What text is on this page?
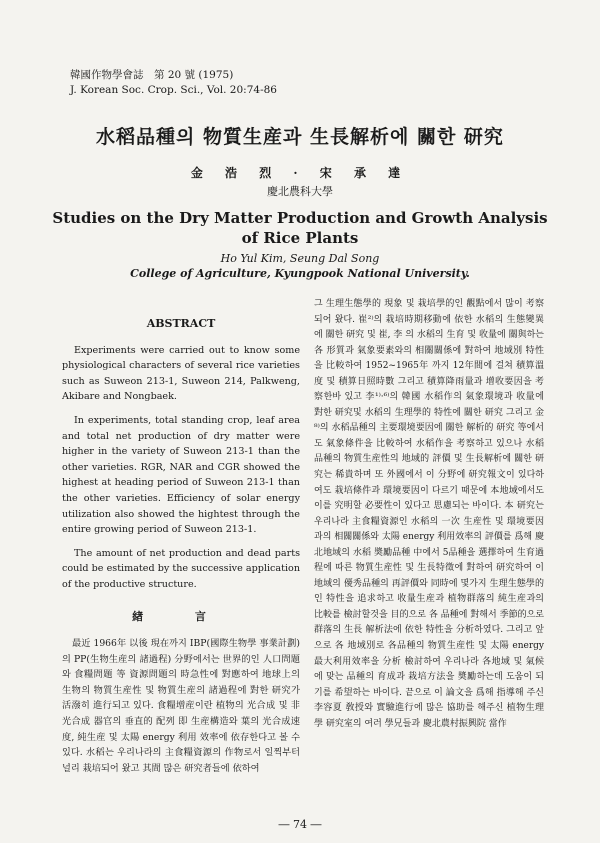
韓國作物學會誌　第 20 號 (1975)
J. Korean Soc. Crop. Sci., Vol. 20:74-86
水稻品種의 物質生産과 生長解析에 關한 研究
金 浩 烈 · 宋 承 達
慶北農科大學
Studies on the Dry Matter Production and Growth Analysis
of Rice Plants
Ho Yul Kim, Seung Dal Song
College of Agriculture, Kyungpook National University.
ABSTRACT

Experiments were carried out to know some physiological characters of several rice varieties such as Suweon 213-1, Suweon 214, Palkweng, Akibare and Nongbaek.

In experiments, total standing crop, leaf area and total net production of dry matter were higher in the variety of Suweon 213-1 than the other varieties. RGR, NAR and CGR showed the highest at heading period of Suweon 213-1 than the other varieties. Efficiency of solar energy utilization also showed the hightest through the entire growing period of Suweon 213-1.

The amount of net production and dead parts could be estimated by the successive application of the productive structure.

緖 言

最近 1966年 以後 現在까지 IBP(國際生物學 事業計劃)의 PP(生物生産의 諸過程) 分野에서는 世界的인 人口問題와 食糧問題 等 資源問題의 時急性에 對應하여 地球上의 生物의 物質生産性 및 物質生産의 諸過程에 對한 研究가 活潑히 進行되고 있다. 食糧增産이란 植物의 光合成 및 非光合成 器官의 垂直的 配列 即 生産構造와 葉의 光合成速度, 純生産 및 太陽 energy 利用 效率에 依存한다고 볼 수 있다. 水稻는 우리나라의 主食糧資源의 作物로서 일찍부터 널리 栽培되어 왔고 其間 많은 研究者들에 依하여

그 生理生態學的 現象 및 栽培學的인 觀點에서 많이 考察되어 왔다. 崔²⁾의 栽培時期移動에 依한 水稻의 生態變異에 關한 研究 및 崔, 李 의 水稻의 生育 및 收量에 關與하는 各 形質과 氣象要素와의 相關關係에 對하여 地域別 特性을 比較하여 1952~1965年 까지 12年間에 걸쳐 積算溫度 및 積算日照時數 그리고 積算降雨量과 增收要因을 考察한바 있고 李¹⁾·⁶⁾의 韓國 水稻作의 氣象環境과 收量에 對한 研究및 水稻의 生理學的 特性에 關한 研究 그리고 金⁸⁾의 水稻品種의 主要環境要因에 關한 解析的 研究 等에서도 氣象條件을 比較하여 水稻作을 考察하고 있으나 水稻品種의 物質生産性의 地域的 評價 및 生長解析에 關한 研究는 稀貴하며 또 外國에서 이 分野에 研究報文이 있다하여도 栽培條件과 環境要因이 다르기 때문에 本地域에서도 이를 究明할 必要性이 있다고 思慮되는 바이다. 本 研究는 우리나라 主食糧資源인 水稻의 一次 生産性 및 環境要因과의 相關關係와 太陽 energy 利用效率의 評價를 爲해 慶北地域의 水稻 奬勵品種 中에서 5品種을 選擇하여 生育過程에 따른 物質生産性 및 生長特徵에 對하여 研究하여 이 地域의 優秀品種의 再評價와 同時에 몇가지 生理生態學的인 特性을 追求하고 收量生産과 植物群落의 純生産과의 比較를 檢討할것을 目的으로 各 品種에 對해서 季節的으로 群落의 生長 解析法에 依한 特性을 分析하였다. 그리고 앞으로 各 地域別로 各品種의 物質生産性 및 太陽 energy 最大利用效率을 分析 檢討하여 우리나라 各地域 및 氣候에 맞는 品種의 育成과 栽培方法을 奬勵하는데 도움이 되기를 希望하는 바이다. 끝으로 이 論文을 爲해 指導해 주신 李容夏 敎授와 實驗進行에 많은 協助를 해주신 植物生理學 研究室의 여러 學兄들과 慶北農村振興院 當作

― 74 ―
